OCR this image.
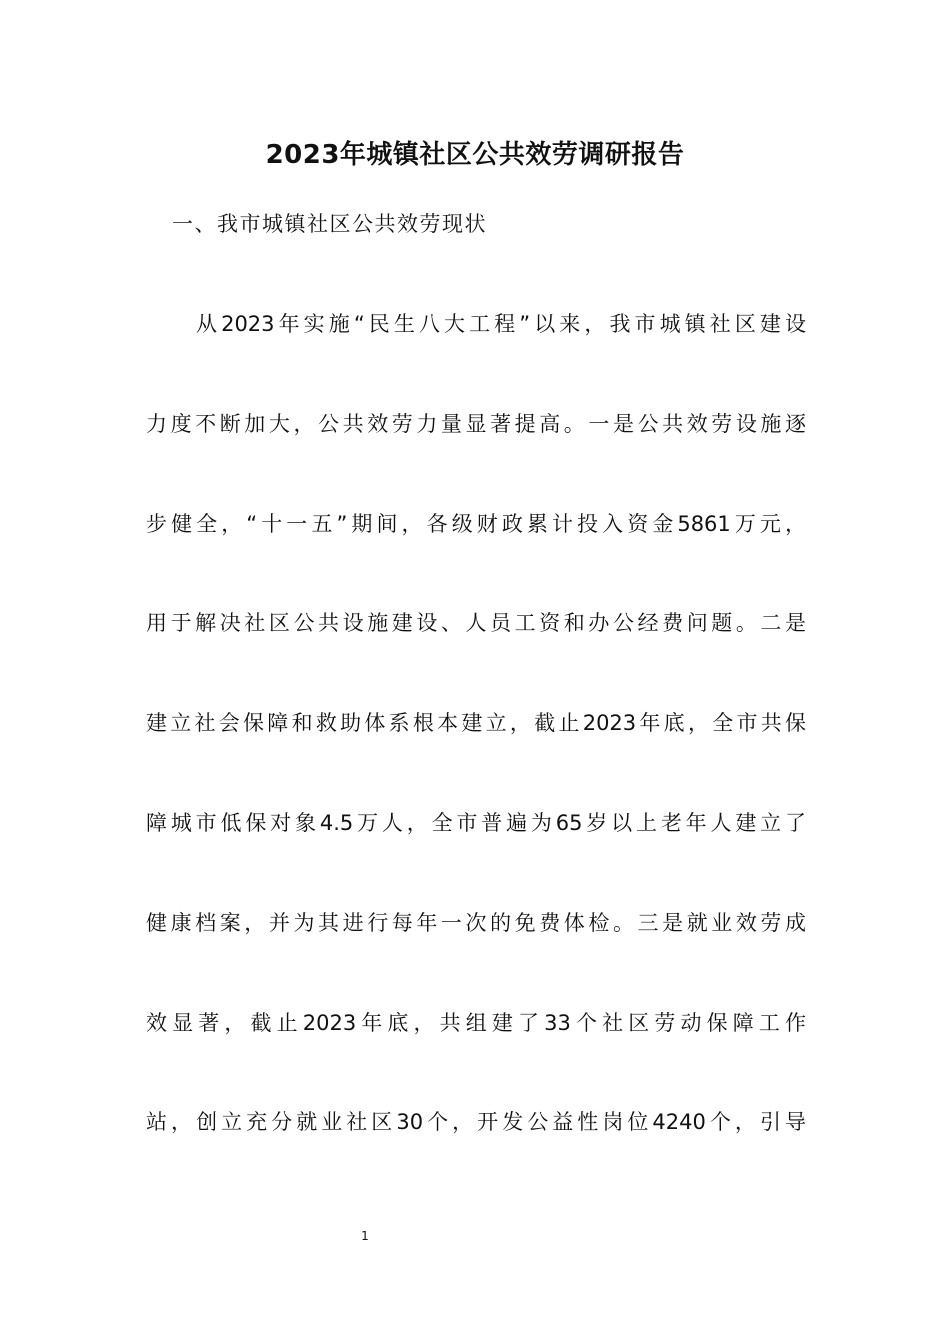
2023年城镇社区公共效劳调研报告
一、我市城镇社区公共效劳现状
从2023年实施“民生八大工程”以来，我市城镇社区建设
力度不断加大，公共效劳力量显著提高。一是公共效劳设施逐
步健全，“十一五”期间，各级财政累计投入资金5861万元，
用于解决社区公共设施建设、人员工资和办公经费问题。二是
建立社会保障和救助体系根本建立，截止2023年底，全市共保
障城市低保对象4.5万人，全市普遍为65岁以上老年人建立了
健康档案，并为其进行每年一次的免费体检。三是就业效劳成
效显著，截止2023年底，共组建了33个社区劳动保障工作
站，创立充分就业社区30个，开发公益性岗位4240个，引导
1
